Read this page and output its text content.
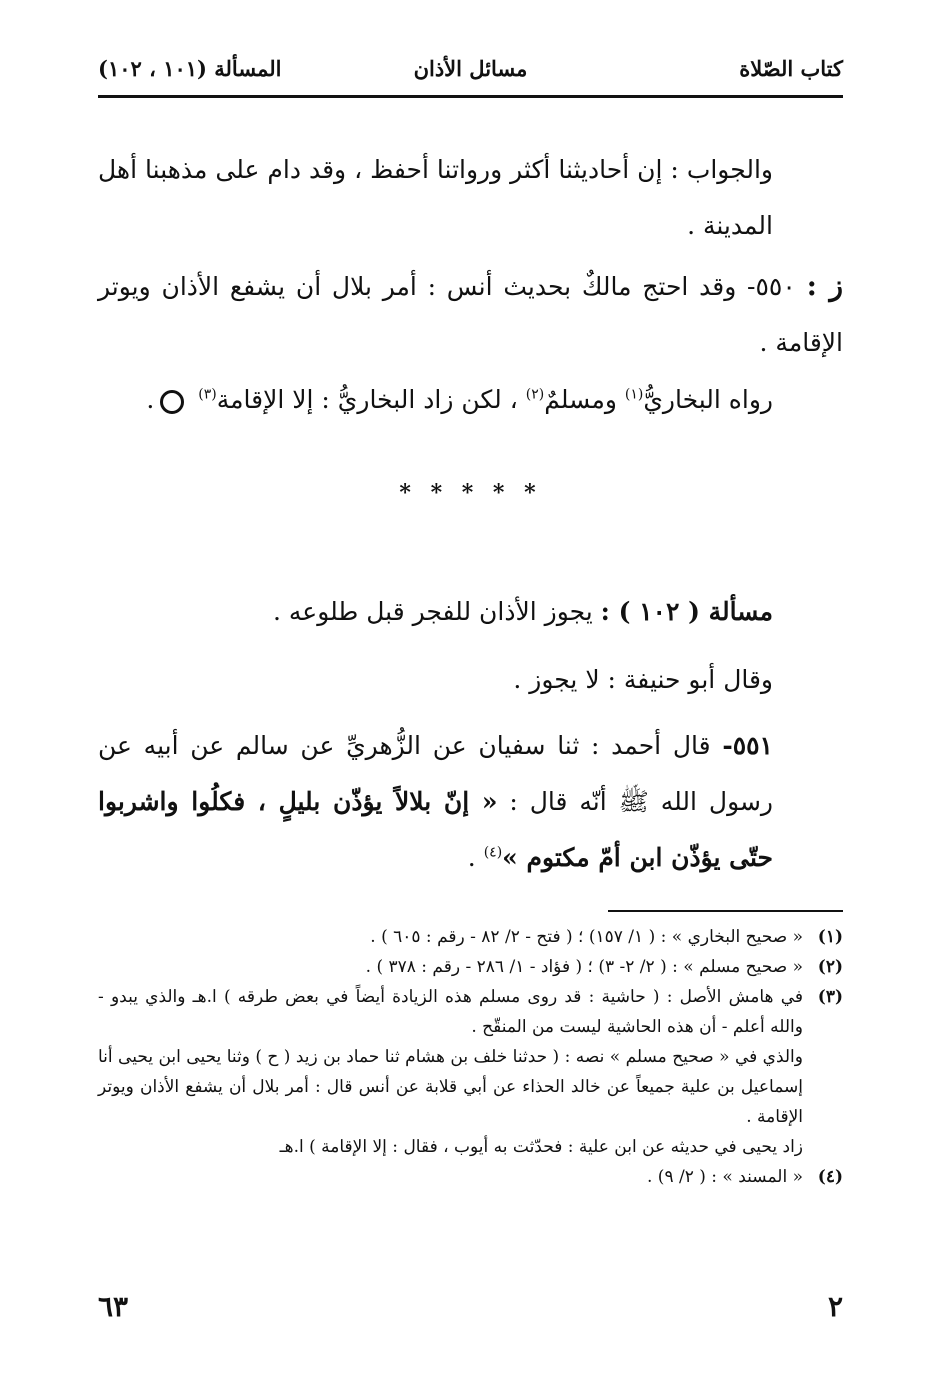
كتاب الصّلاة
مسائل الأذان
المسألة (١٠١ ، ١٠٢)

والجواب : إن أحاديثنا أكثر ورواتنا أحفظ ، وقد دام على مذهبنا أهل المدينة .

ز : ٥٥٠- وقد احتج مالكٌ بحديث أنس : أمر بلال أن يشفع الأذان ويوتر الإقامة .

رواه البخاريُّ$^{(١)}$ ومسلمٌ$^{(٢)}$ ، لكن زاد البخاريُّ : إلا الإقامة$^{(٣)}$ .

* * * * *

مسألة ( ١٠٢ ) : يجوز الأذان للفجر قبل طلوعه .

وقال أبو حنيفة : لا يجوز .

٥٥١- قال أحمد : ثنا سفيان عن الزُّهريِّ عن سالم عن أبيه عن رسول الله ﷺ أنّه قال : « إنّ بلالاً يؤذّن بليلٍ ، فكلُوا واشربوا حتّى يؤذّن ابن أمّ مكتوم »$^{(٤)}$ .

(١)
« صحيح البخاري » : ( ١/ ١٥٧) ؛ ( فتح - ٢/ ٨٢ - رقم : ٦٠٥ ) .

(٢)
« صحيح مسلم » : ( ٢/ ٢- ٣) ؛ ( فؤاد - ١/ ٢٨٦ - رقم : ٣٧٨ ) .

(٣)
في هامش الأصل : ( حاشية : قد روى مسلم هذه الزيادة أيضاً في بعض طرقه ) ا.هـ والذي يبدو - والله أعلم - أن هذه الحاشية ليست من المنقّح .

والذي في « صحيح مسلم » نصه : ( حدثنا خلف بن هشام ثنا حماد بن زيد ( ح ) وثنا يحيى ابن يحيى أنا إسماعيل بن علية جميعاً عن خالد الحذاء عن أبي قلابة عن أنس قال : أمر بلال أن يشفع الأذان ويوتر الإقامة .

زاد يحيى في حديثه عن ابن علية : فحدّثت به أيوب ، فقال : إلا الإقامة ) ا.هـ

(٤)
« المسند » : ( ٢/ ٩) .

٦٣	٢
